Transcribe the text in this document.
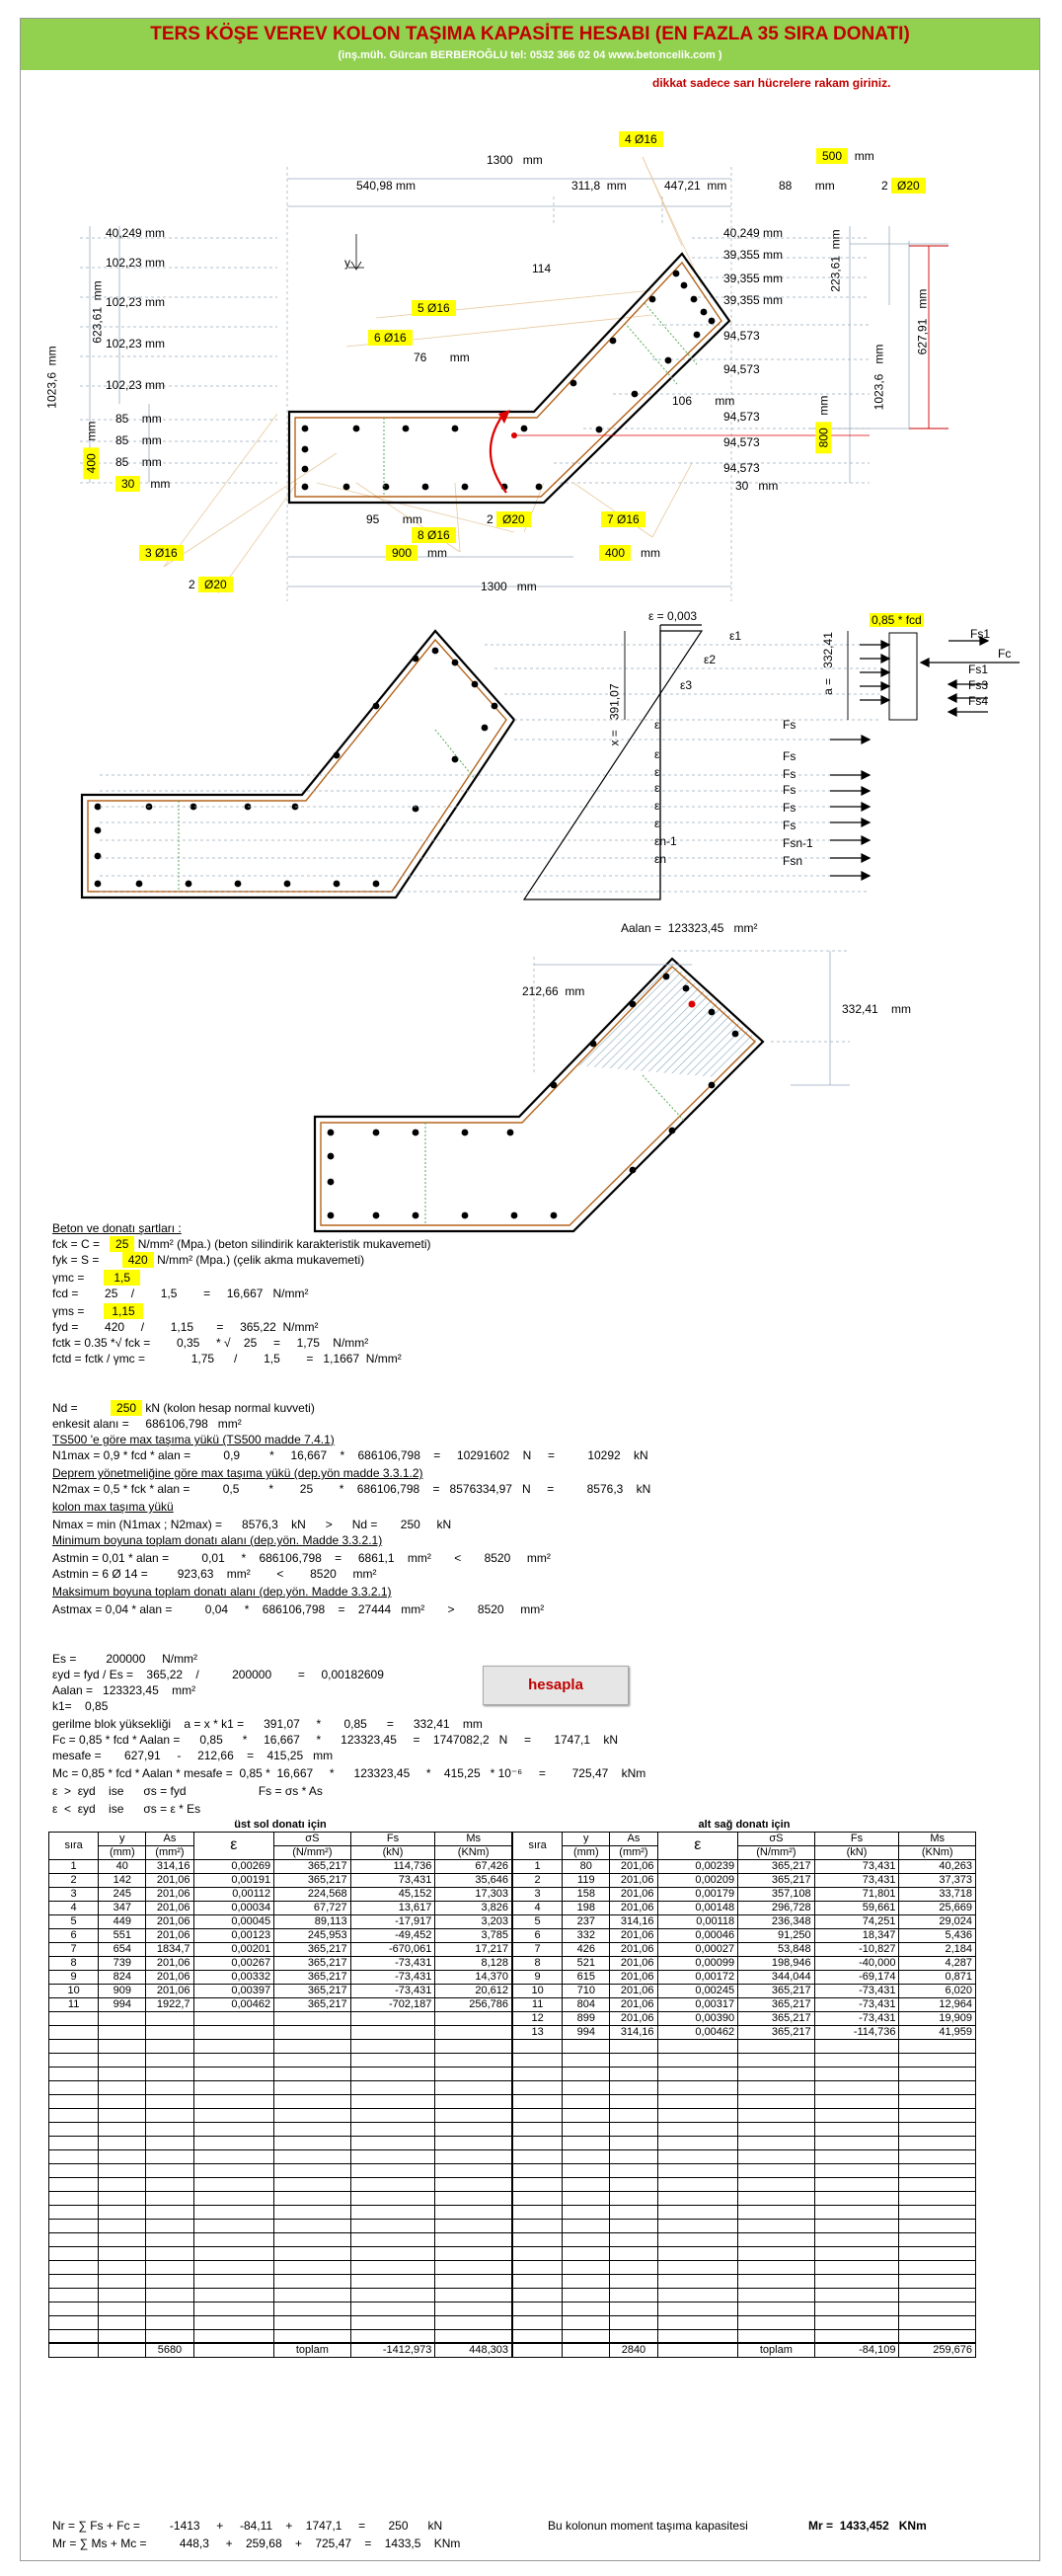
TERS KÖŞE VEREV KOLON TAŞIMA KAPASİTE HESABI (EN FAZLA 35 SIRA DONATI)
(inş.müh. Gürcan BERBEROĞLU tel: 0532 366 02 04 www.betoncelik.com )
dikkat sadece sarı hücrelere rakam giriniz.
1300 mm
4 Ø16
540,98 mm	311,8  mm	447,21  mm	88       mm
500  mm
2 Ø20
40,249 mm
102,23 mm
102,23 mm
102,23 mm
102,23 mm
85    mm
85    mm
85    mm
30   mm
623,61  mm
1023,6  mm
400  mm
114
y
5 Ø16
6 Ø16
76       mm
40,249 mm
39,355 mm
39,355 mm
39,355 mm
94,573
94,573
94,573
94,573
94,573
30   mm
106       mm
223,61  mm
627,91   mm
1023,6   mm
800  mm
95       mm
8 Ø16
2 Ø20	7 Ø16
900   mm	400   mm
3 Ø16
2 Ø20	1300   mm
ε = 0,003
x =   391,07	a =   332,41
0,85 * fcd
ε1
ε2
ε3
ε
ε
ε
ε
ε
ε
εn-1
εn
Fs
Fs
Fs
Fs
Fs
Fs
Fsn-1
Fsn
Fs1
Fc
Fs1
Fs3
Fs4
Aalan = 123323,45 mm²
212,66  mm
332,41    mm
Beton ve donatı şartları :
fck = C = 25 N/mm² (Mpa.) (beton silindirik karakteristik mukavemeti)
fyk = S = 420 N/mm² (Mpa.) (çelik akma mukavemeti)
γmc =	1,5
fcd =        25    /        1,5        =     16,667   N/mm²
γms = 1,15
fyd =        420     /        1,15       =     365,22  N/mm²
fctk = 0.35 *√ fck =        0,35     * √    25     =     1,75    N/mm²
fctd = fctk / γmc =              1,75      /        1,5        =   1,1667  N/mm²
Nd =	250 kN (kolon hesap normal kuvveti)
enkesit alanı =     686106,798   mm²
TS500 'e göre max taşıma yükü (TS500 madde 7.4.1)
N1max = 0,9 * fcd * alan =          0,9         *     16,667    *    686106,798    =     10291602    N     =          10292    kN
Deprem yönetmeliğine göre max taşıma yükü (dep.yön madde 3.3.1.2)
N2max = 0,5 * fck * alan =          0,5         *        25        *    686106,798    =   8576334,97   N     =          8576,3    kN
kolon max taşıma yükü
Nmax = min (N1max ; N2max) =      8576,3    kN      >      Nd =       250     kN
Minimum boyuna toplam donatı alanı (dep.yön. Madde 3.3.2.1)
Astmin = 0,01 * alan =          0,01     *    686106,798    =     6861,1    mm²       <       8520     mm²
Astmin = 6 Ø 14 =         923,63    mm²        <        8520     mm²
Maksimum boyuna toplam donatı alanı (dep.yön. Madde 3.3.2.1)
Astmax = 0,04 * alan =          0,04     *    686106,798    =    27444   mm²       >       8520     mm²
Es =         200000     N/mm²
εyd = fyd / Es =    365,22    /          200000        =     0,00182609
Aalan =   123323,45    mm²
k1=    0,85
gerilme blok yüksekliği    a = x * k1 =      391,07     *       0,85      =      332,41    mm
Fc = 0,85 * fcd * Aalan =      0,85      *     16,667     *      123323,45     =    1747082,2   N     =       1747,1    kN
mesafe =       627,91     -     212,66    =    415,25   mm
Mc = 0,85 * fcd * Aalan * mesafe =  0,85 *  16,667     *      123323,45     *    415,25   * 10⁻⁶     =        725,47    kNm
ε  >  εyd    ise      σs = fyd                      Fs = σs * As
ε  <  εyd    ise      σs = ε * Es
hesapla
üst sol donatı için						
sıra	y	As	ε	σS	Fs	Ms
	(mm)	(mm²)		(N/mm²)	(kN)	(KNm)
1	40	314,16	0,00269	365,217	114,736	67,426
2	142	201,06	0,00191	365,217	73,431	35,646
3	245	201,06	0,00112	224,568	45,152	17,303
4	347	201,06	0,00034	67,727	13,617	3,826
5	449	201,06	0,00045	89,113	-17,917	3,203
6	551	201,06	0,00123	245,953	-49,452	3,785
7	654	1834,7	0,00201	365,217	-670,061	17,217
8	739	201,06	0,00267	365,217	-73,431	8,128
9	824	201,06	0,00332	365,217	-73,431	14,370
10	909	201,06	0,00397	365,217	-73,431	20,612
11	994	1922,7	0,00462	365,217	-702,187	256,786

		5680		toplam	-1412,973	448,303
alt sağ donatı için						
sıra	y	As	ε	σS	Fs	Ms
	(mm)	(mm²)		(N/mm²)	(kN)	(KNm)
1	80	201,06	0,00239	365,217	73,431	40,263
2	119	201,06	0,00209	365,217	73,431	37,373
3	158	201,06	0,00179	357,108	71,801	33,718
4	198	201,06	0,00148	296,728	59,661	25,669
5	237	314,16	0,00118	236,348	74,251	29,024
6	332	201,06	0,00046	91,250	18,347	5,436
7	426	201,06	0,00027	53,848	-10,827	2,184
8	521	201,06	0,00099	198,946	-40,000	4,287
9	615	201,06	0,00172	344,044	-69,174	0,871
10	710	201,06	0,00245	365,217	-73,431	6,020
11	804	201,06	0,00317	365,217	-73,431	12,964
12	899	201,06	0,00390	365,217	-73,431	19,909
13	994	314,16	0,00462	365,217	-114,736	41,959

		2840		toplam	-84,109	259,676
Nr = ∑ Fs + Fc =         -1413     +     -84,11    +    1747,1     =       250      kN
Mr = ∑ Ms + Mc =          448,3     +    259,68    +    725,47    =    1433,5    KNm
Bu kolonun moment taşıma kapasitesi	Mr = 1433,452 KNm
